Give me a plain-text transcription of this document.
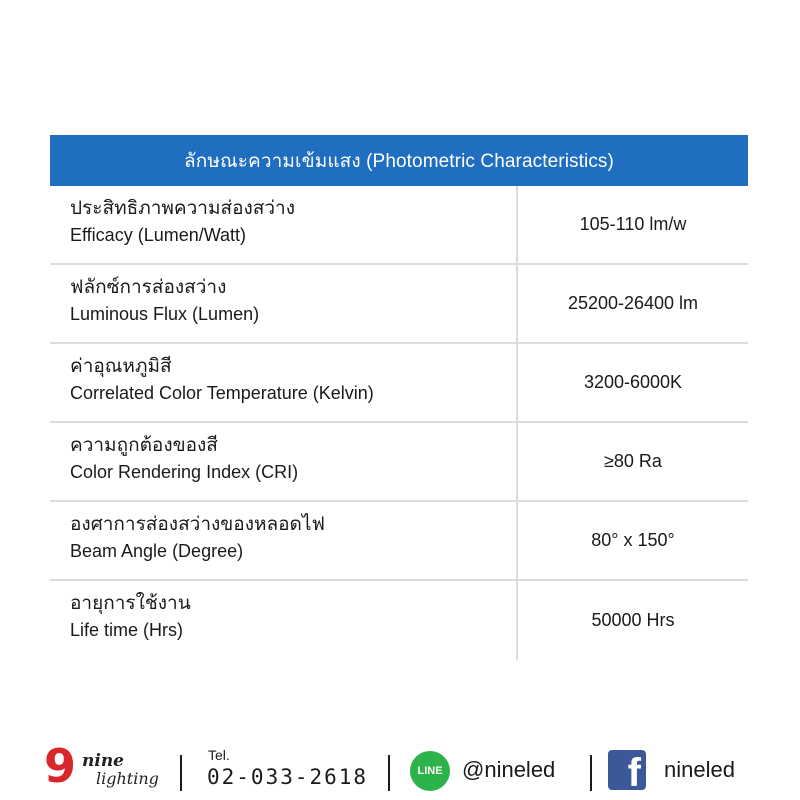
ลักษณะความเข้มแสง (Photometric Characteristics)
ประสิทธิภาพความส่องสว่าง
Efficacy (Lumen/Watt)
105-110 lm/w
ฟลักซ์การส่องสว่าง
Luminous Flux (Lumen)
25200-26400 lm
ค่าอุณหภูมิสี
Correlated Color Temperature (Kelvin)
3200-6000K
ความถูกต้องของสี
Color Rendering Index (CRI)
≥80 Ra
องศาการส่องสว่างของหลอดไฟ
Beam Angle (Degree)
80° x 150°
อายุการใช้งาน
Life time (Hrs)	50000 Hrs
9 nine
lighting
Tel.
02-033-2618	LINE @nineled f nineled
